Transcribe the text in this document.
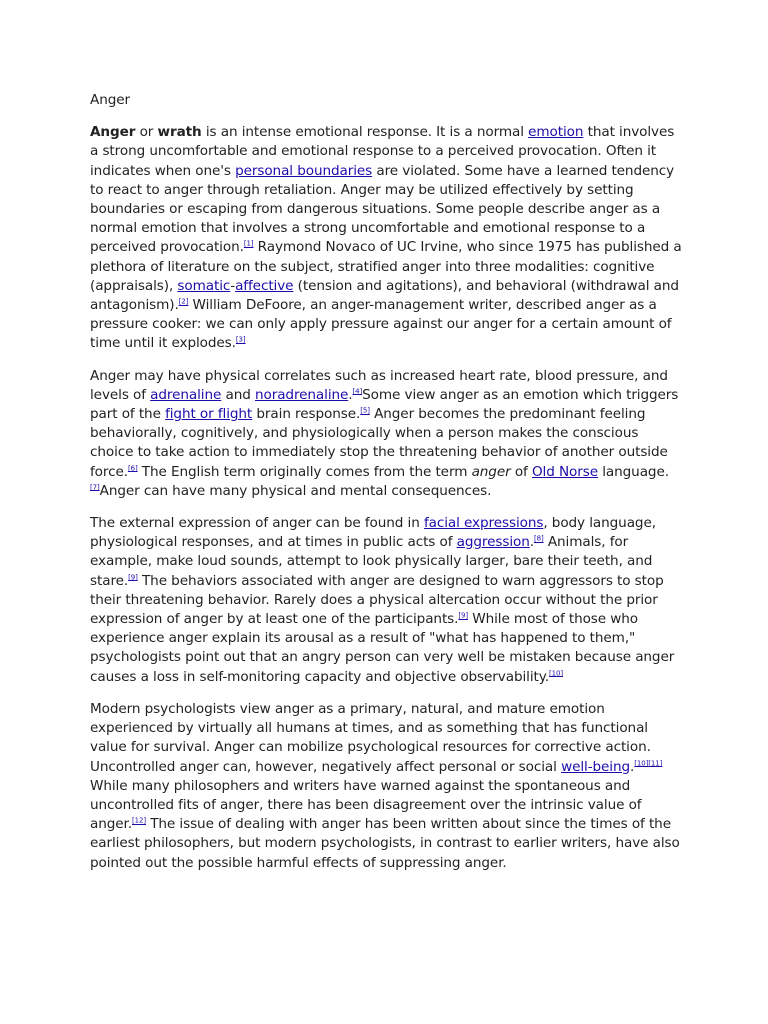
Anger

Anger or wrath is an intense emotional response. It is a normal emotion that involves a strong uncomfortable and emotional response to a perceived provocation. Often it indicates when one's personal boundaries are violated. Some have a learned tendency to react to anger through retaliation. Anger may be utilized effectively by setting boundaries or escaping from dangerous situations. Some people describe anger as a normal emotion that involves a strong uncomfortable and emotional response to a perceived provocation.[1] Raymond Novaco of UC Irvine, who since 1975 has published a plethora of literature on the subject, stratified anger into three modalities: cognitive (appraisals), somatic-affective (tension and agitations), and behavioral (withdrawal and antagonism).[2] William DeFoore, an anger-management writer, described anger as a pressure cooker: we can only apply pressure against our anger for a certain amount of time until it explodes.[3]

Anger may have physical correlates such as increased heart rate, blood pressure, and levels of adrenaline and noradrenaline.[4]Some view anger as an emotion which triggers part of the fight or flight brain response.[5] Anger becomes the predominant feeling behaviorally, cognitively, and physiologically when a person makes the conscious choice to take action to immediately stop the threatening behavior of another outside force.[6] The English term originally comes from the term anger of Old Norse language.[7]Anger can have many physical and mental consequences.

The external expression of anger can be found in facial expressions, body language, physiological responses, and at times in public acts of aggression.[8] Animals, for example, make loud sounds, attempt to look physically larger, bare their teeth, and stare.[9] The behaviors associated with anger are designed to warn aggressors to stop their threatening behavior. Rarely does a physical altercation occur without the prior expression of anger by at least one of the participants.[9] While most of those who experience anger explain its arousal as a result of "what has happened to them," psychologists point out that an angry person can very well be mistaken because anger causes a loss in self-monitoring capacity and objective observability.[10]

Modern psychologists view anger as a primary, natural, and mature emotion experienced by virtually all humans at times, and as something that has functional value for survival. Anger can mobilize psychological resources for corrective action. Uncontrolled anger can, however, negatively affect personal or social well-being.[10][11] While many philosophers and writers have warned against the spontaneous and uncontrolled fits of anger, there has been disagreement over the intrinsic value of anger.[12] The issue of dealing with anger has been written about since the times of the earliest philosophers, but modern psychologists, in contrast to earlier writers, have also pointed out the possible harmful effects of suppressing anger.
